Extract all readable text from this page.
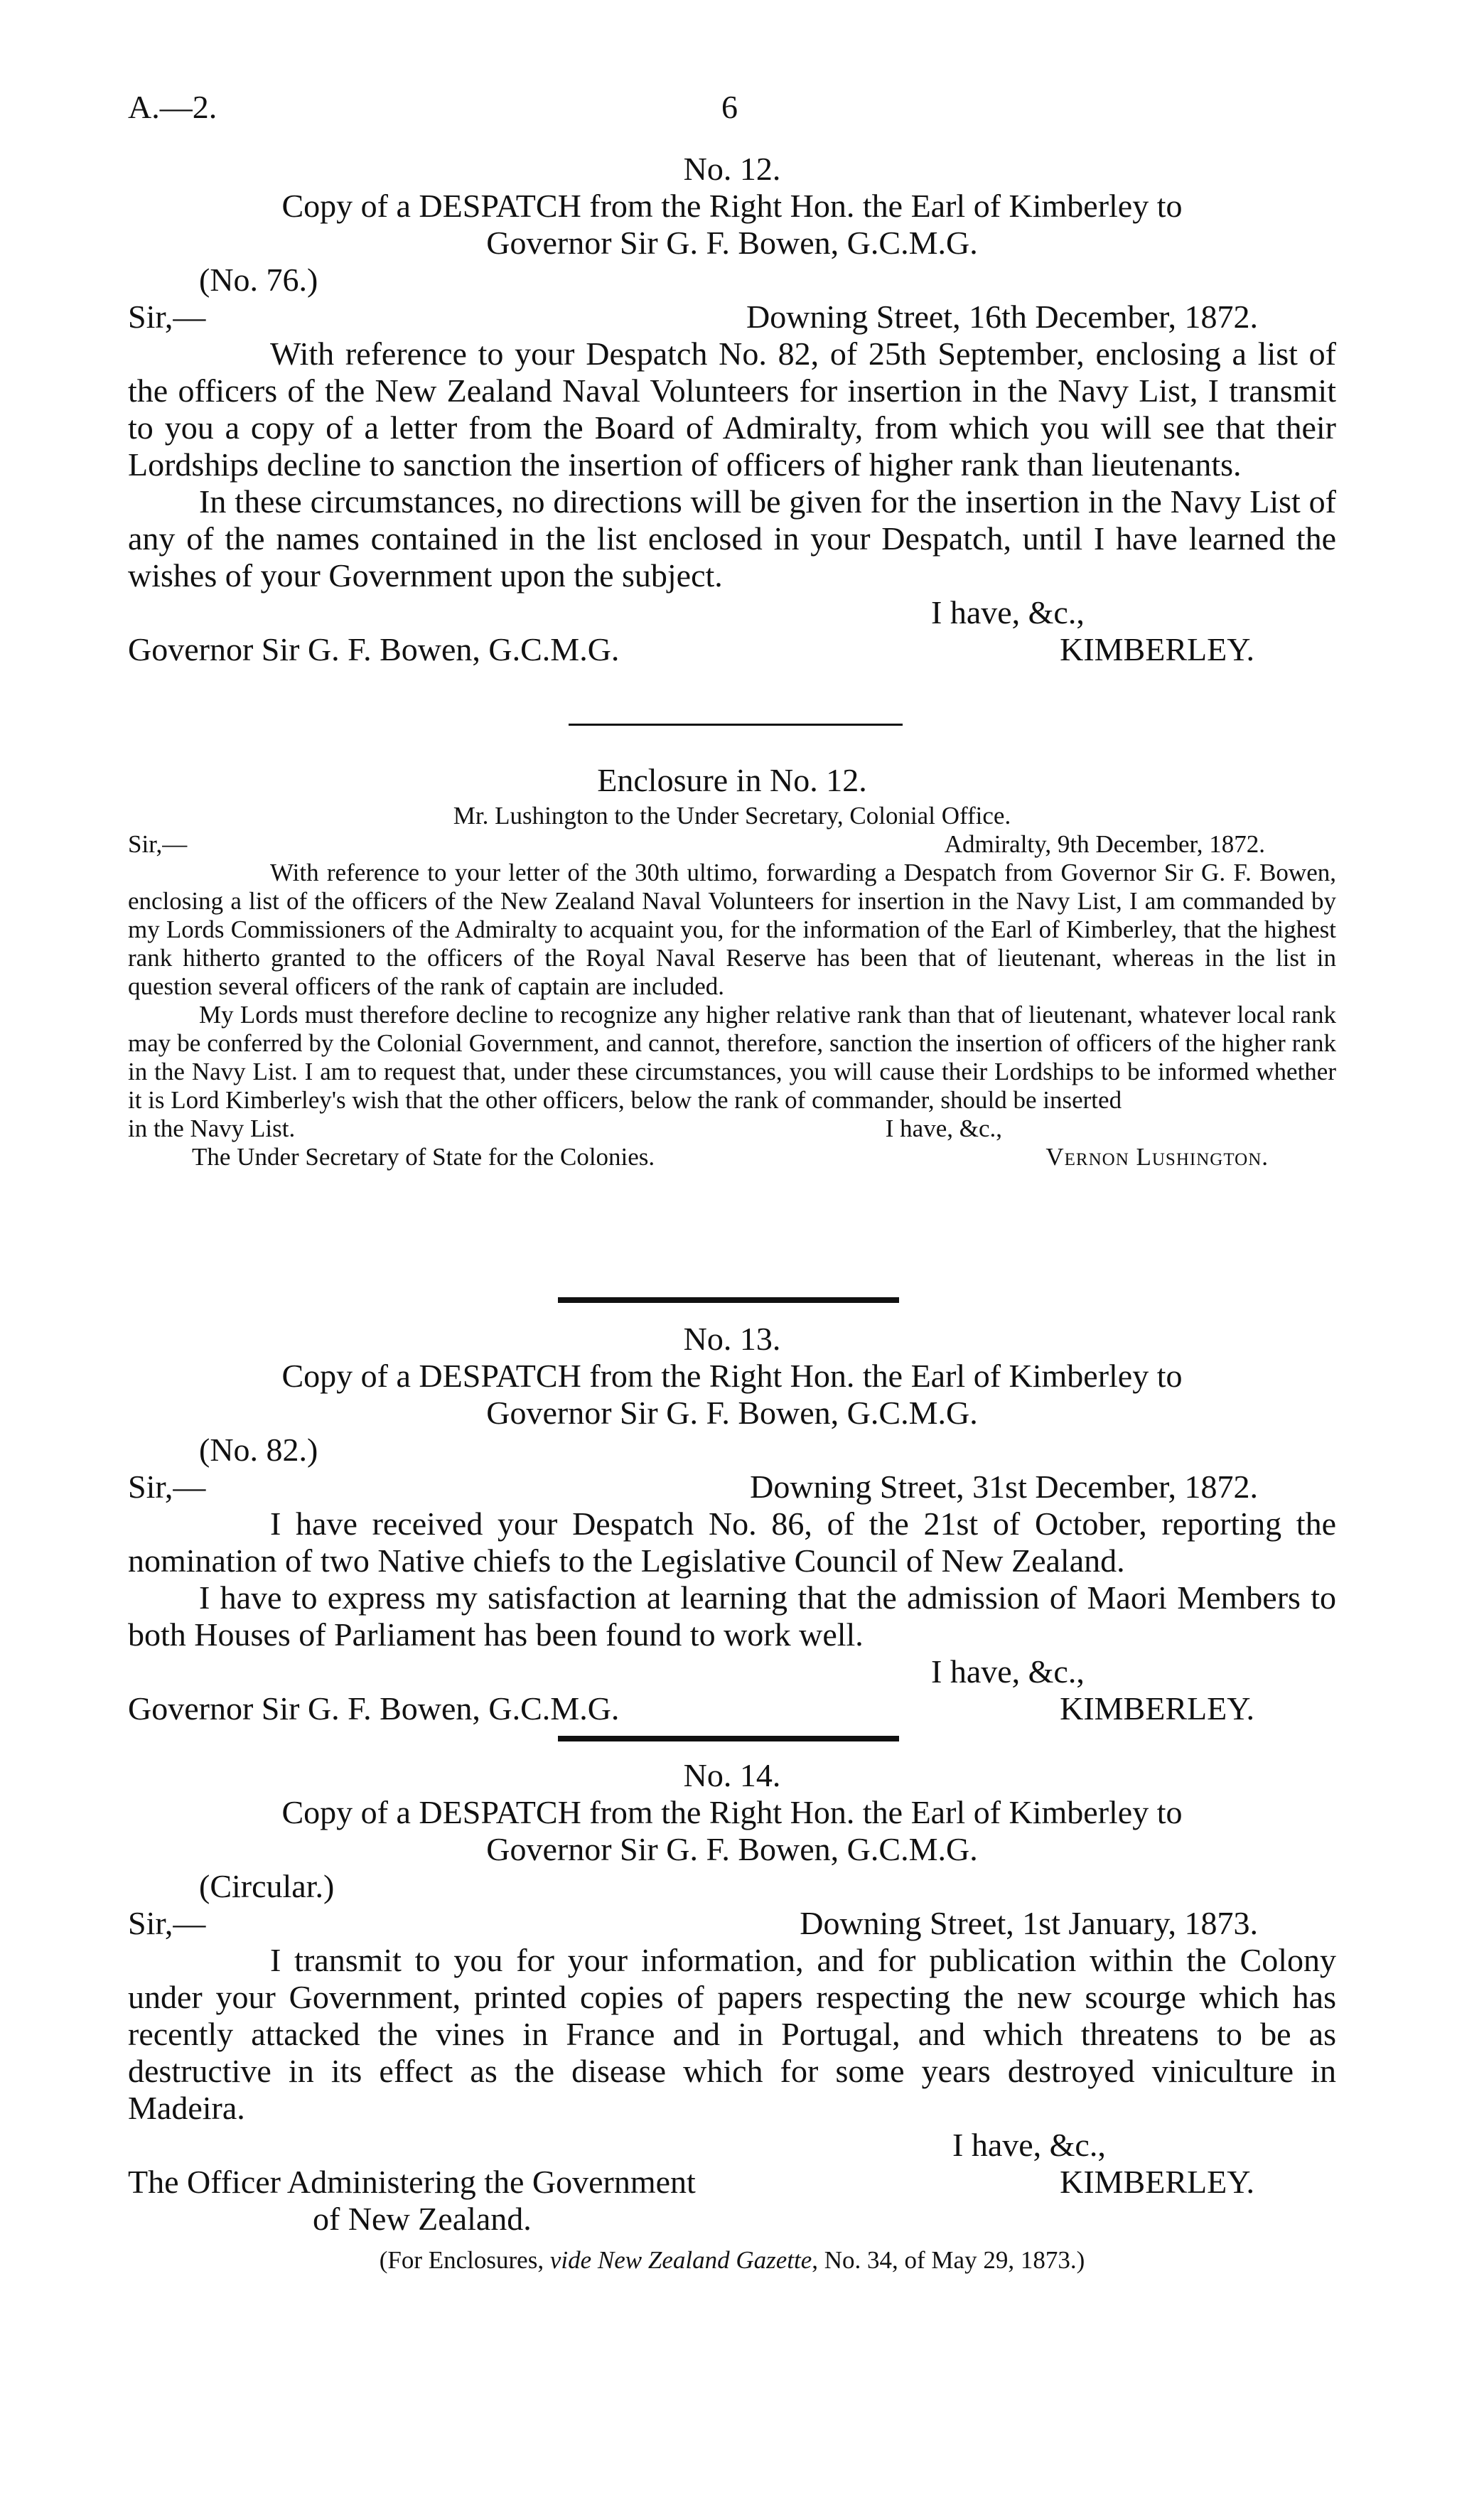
A.—2.	6
No. 12.
Copy of a DESPATCH from the Right Hon. the Earl of Kimberley to
Governor Sir G. F. Bowen, G.C.M.G.
(No. 76.)
Sir,—	Downing Street, 16th December, 1872.

With reference to your Despatch No. 82, of 25th September, enclosing a list of the officers of the New Zealand Naval Volunteers for insertion in the Navy List, I transmit to you a copy of a letter from the Board of Admiralty, from which you will see that their Lordships decline to sanction the insertion of officers of higher rank than lieutenants.

In these circumstances, no directions will be given for the insertion in the Navy List of any of the names contained in the list enclosed in your Despatch, until I have learned the wishes of your Government upon the subject.

I have, &c.,
Governor Sir G. F. Bowen, G.C.M.G.	KIMBERLEY.
Enclosure in No. 12.
Mr. Lushington to the Under Secretary, Colonial Office.
Sir,—	Admiralty, 9th December, 1872.

With reference to your letter of the 30th ultimo, forwarding a Despatch from Governor Sir G. F. Bowen, enclosing a list of the officers of the New Zealand Naval Volunteers for insertion in the Navy List, I am commanded by my Lords Commissioners of the Admiralty to acquaint you, for the information of the Earl of Kimberley, that the highest rank hitherto granted to the officers of the Royal Naval Reserve has been that of lieutenant, whereas in the list in question several officers of the rank of captain are included.

My Lords must therefore decline to recognize any higher relative rank than that of lieutenant, whatever local rank may be conferred by the Colonial Government, and cannot, therefore, sanction the insertion of officers of the higher rank in the Navy List. I am to request that, under these circumstances, you will cause their Lordships to be informed whether it is Lord Kimberley's wish that the other officers, below the rank of commander, should be inserted

in the Navy List.	I have, &c.,
The Under Secretary of State for the Colonies.	Vernon Lushington.
No. 13.
Copy of a DESPATCH from the Right Hon. the Earl of Kimberley to
Governor Sir G. F. Bowen, G.C.M.G.
(No. 82.)
Sir,—	Downing Street, 31st December, 1872.

I have received your Despatch No. 86, of the 21st of October, reporting the nomination of two Native chiefs to the Legislative Council of New Zealand.

I have to express my satisfaction at learning that the admission of Maori Members to both Houses of Parliament has been found to work well.

I have, &c.,
Governor Sir G. F. Bowen, G.C.M.G.	KIMBERLEY.
No. 14.
Copy of a DESPATCH from the Right Hon. the Earl of Kimberley to
Governor Sir G. F. Bowen, G.C.M.G.
(Circular.)
Sir,—	Downing Street, 1st January, 1873.

I transmit to you for your information, and for publication within the Colony under your Government, printed copies of papers respecting the new scourge which has recently attacked the vines in France and in Portugal, and which threatens to be as destructive in its effect as the disease which for some years destroyed viniculture in Madeira.

I have, &c.,
The Officer Administering the Government	KIMBERLEY.
of New Zealand.
(For Enclosures, vide New Zealand Gazette, No. 34, of May 29, 1873.)
